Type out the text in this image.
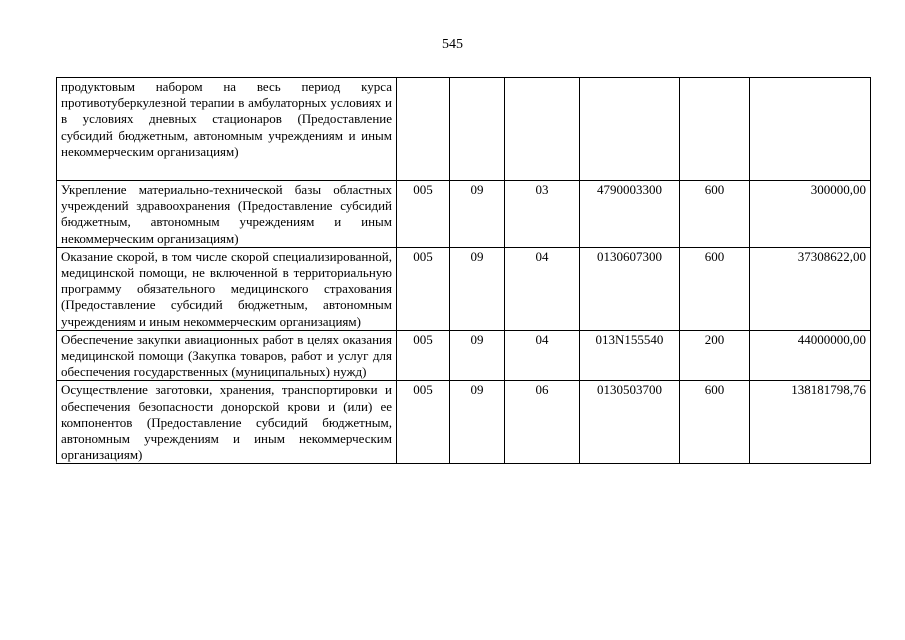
545
продуктовым набором на весь период курса противотуберкулезной терапии в амбулаторных условиях и в условиях дневных стационаров (Предоставление субсидий бюджетным, автономным учреждениям и иным некоммерческим организациям)						
Укрепление материально-технической базы областных учреждений здравоохранения (Предоставление субсидий бюджетным, автономным учреждениям и иным некоммерческим организациям)	005	09	03	4790003300	600	300000,00
Оказание скорой, в том числе скорой специализированной, медицинской помощи, не включенной в территориальную программу обязательного медицинского страхования (Предоставление субсидий бюджетным, автономным учреждениям и иным некоммерческим организациям)	005	09	04	0130607300	600	37308622,00
Обеспечение закупки авиационных работ в целях оказания медицинской помощи (Закупка товаров, работ и услуг для обеспечения государственных (муниципальных) нужд)	005	09	04	013N155540	200	44000000,00
Осуществление заготовки, хранения, транспортировки и обеспечения безопасности донорской крови и (или) ее компонентов (Предоставление субсидий бюджетным, автономным учреждениям и иным некоммерческим организациям)	005	09	06	0130503700	600	138181798,76
